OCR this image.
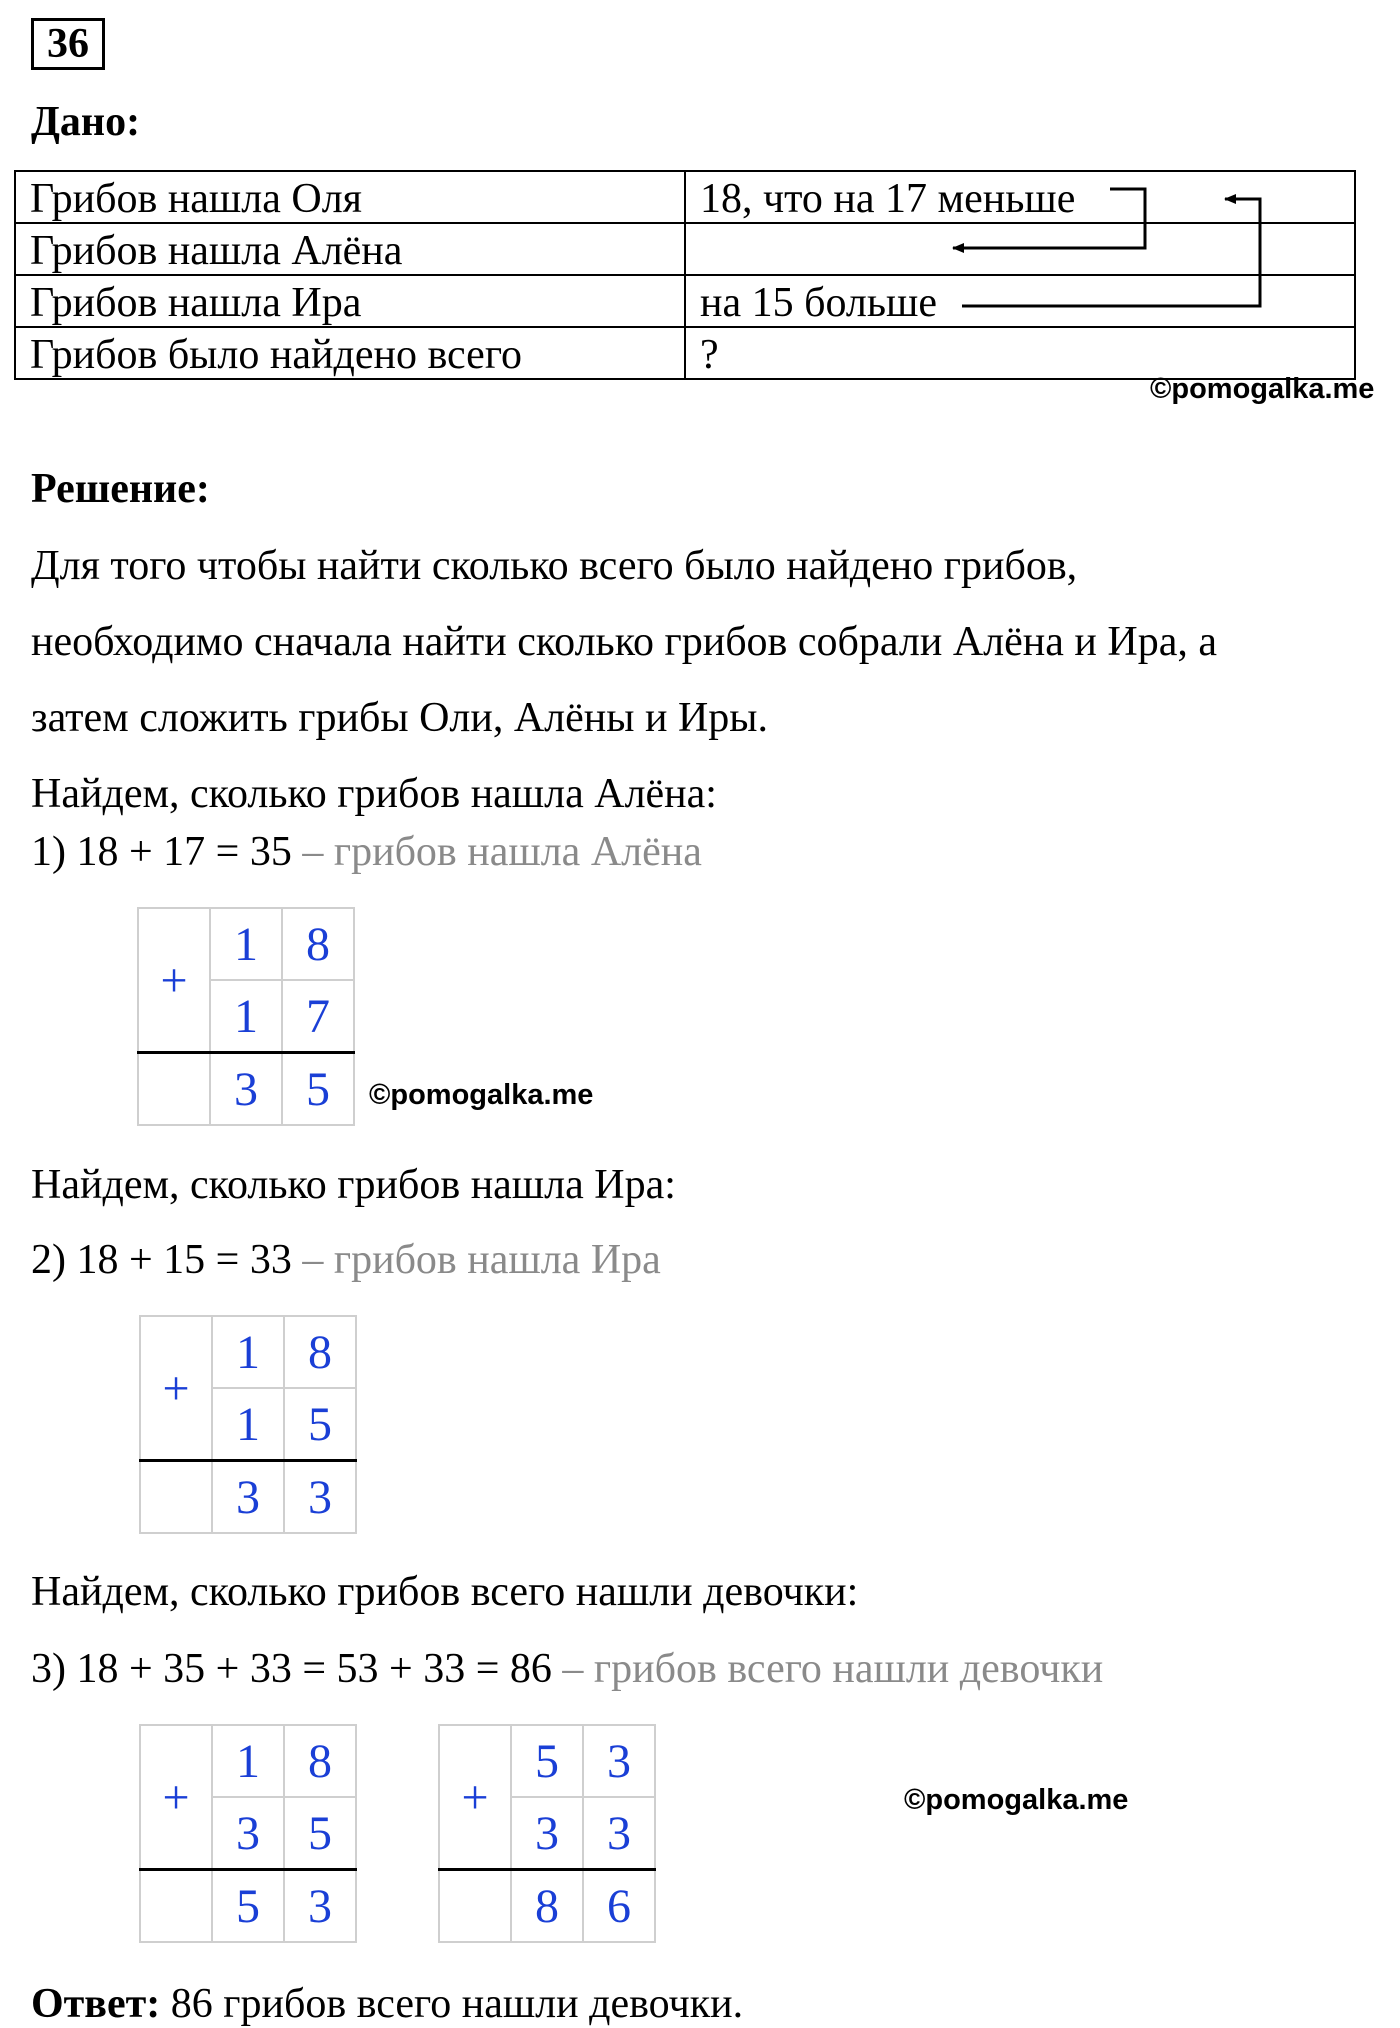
36
Дано:
Грибов нашла Оля	18, что на 17 меньше
Грибов нашла Алёна	
Грибов нашла Ира	на 15 больше
Грибов было найдено всего	?
©pomogalka.me
Решение:
Для того чтобы найти сколько всего было найдено грибов,
необходимо сначала найти сколько грибов собрали Алёна и Ира, а
затем сложить грибы Оли, Алёны и Иры.
Найдем, сколько грибов нашла Алёна:
1) 18 + 17 = 35 – грибов нашла Алёна
+	1	8
	1	7
	3	5 ©pomogalka.me
Найдем, сколько грибов нашла Ира:
2) 18 + 15 = 33 – грибов нашла Ира
+	1	8
	1	5
	3	3
Найдем, сколько грибов всего нашли девочки:
3) 18 + 35 + 33 = 53 + 33 = 86 – грибов всего нашли девочки
+	1	8
	3	5
	5	3
+	5	3
	3	3
	8	6
©pomogalka.me
Ответ: 86 грибов всего нашли девочки.
